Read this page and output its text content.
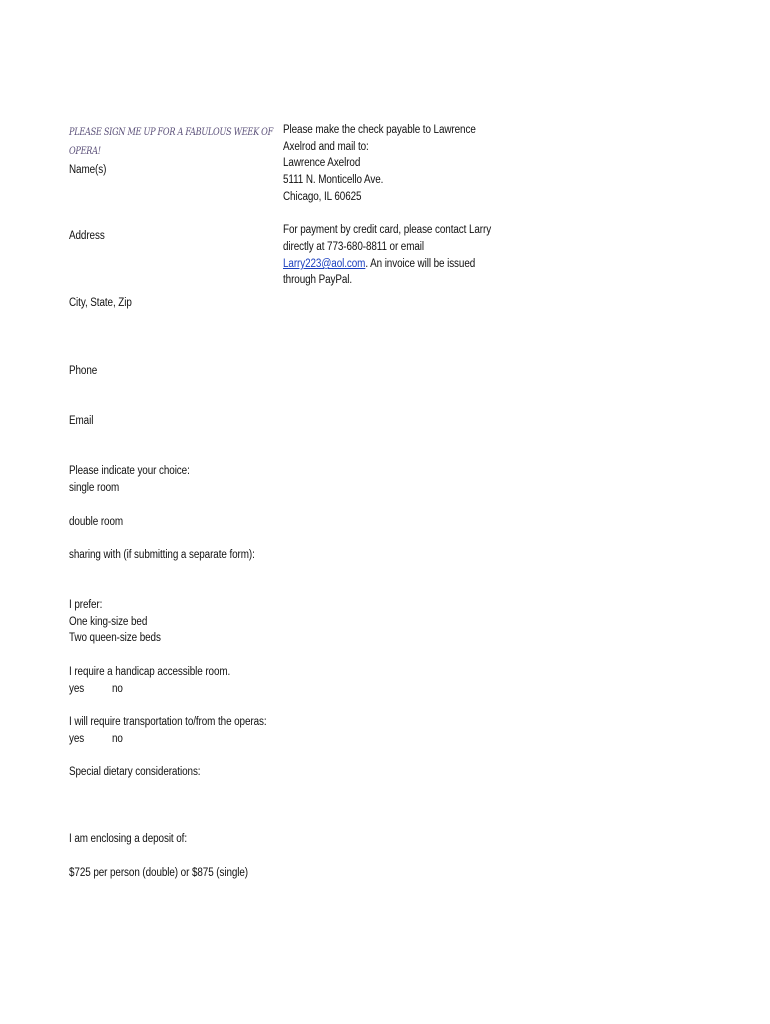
PLEASE SIGN ME UP FOR A FABULOUS WEEK OF
OPERA!
Name(s)
Address
City, State, Zip
Phone
Email
Please indicate your choice:
single room
double room
sharing with (if submitting a separate form):
I prefer:
One king-size bed
Two queen-size beds
I require a handicap accessible room.
yes no
I will require transportation to/from the operas:
yes no
Special dietary considerations:
I am enclosing a deposit of:
$725 per person (double) or $875 (single)
Please make the check payable to Lawrence
Axelrod and mail to:
Lawrence Axelrod
5111 N. Monticello Ave.
Chicago, IL 60625
For payment by credit card, please contact Larry
directly at 773-680-8811 or email
Larry223@aol.com. An invoice will be issued
through PayPal.
